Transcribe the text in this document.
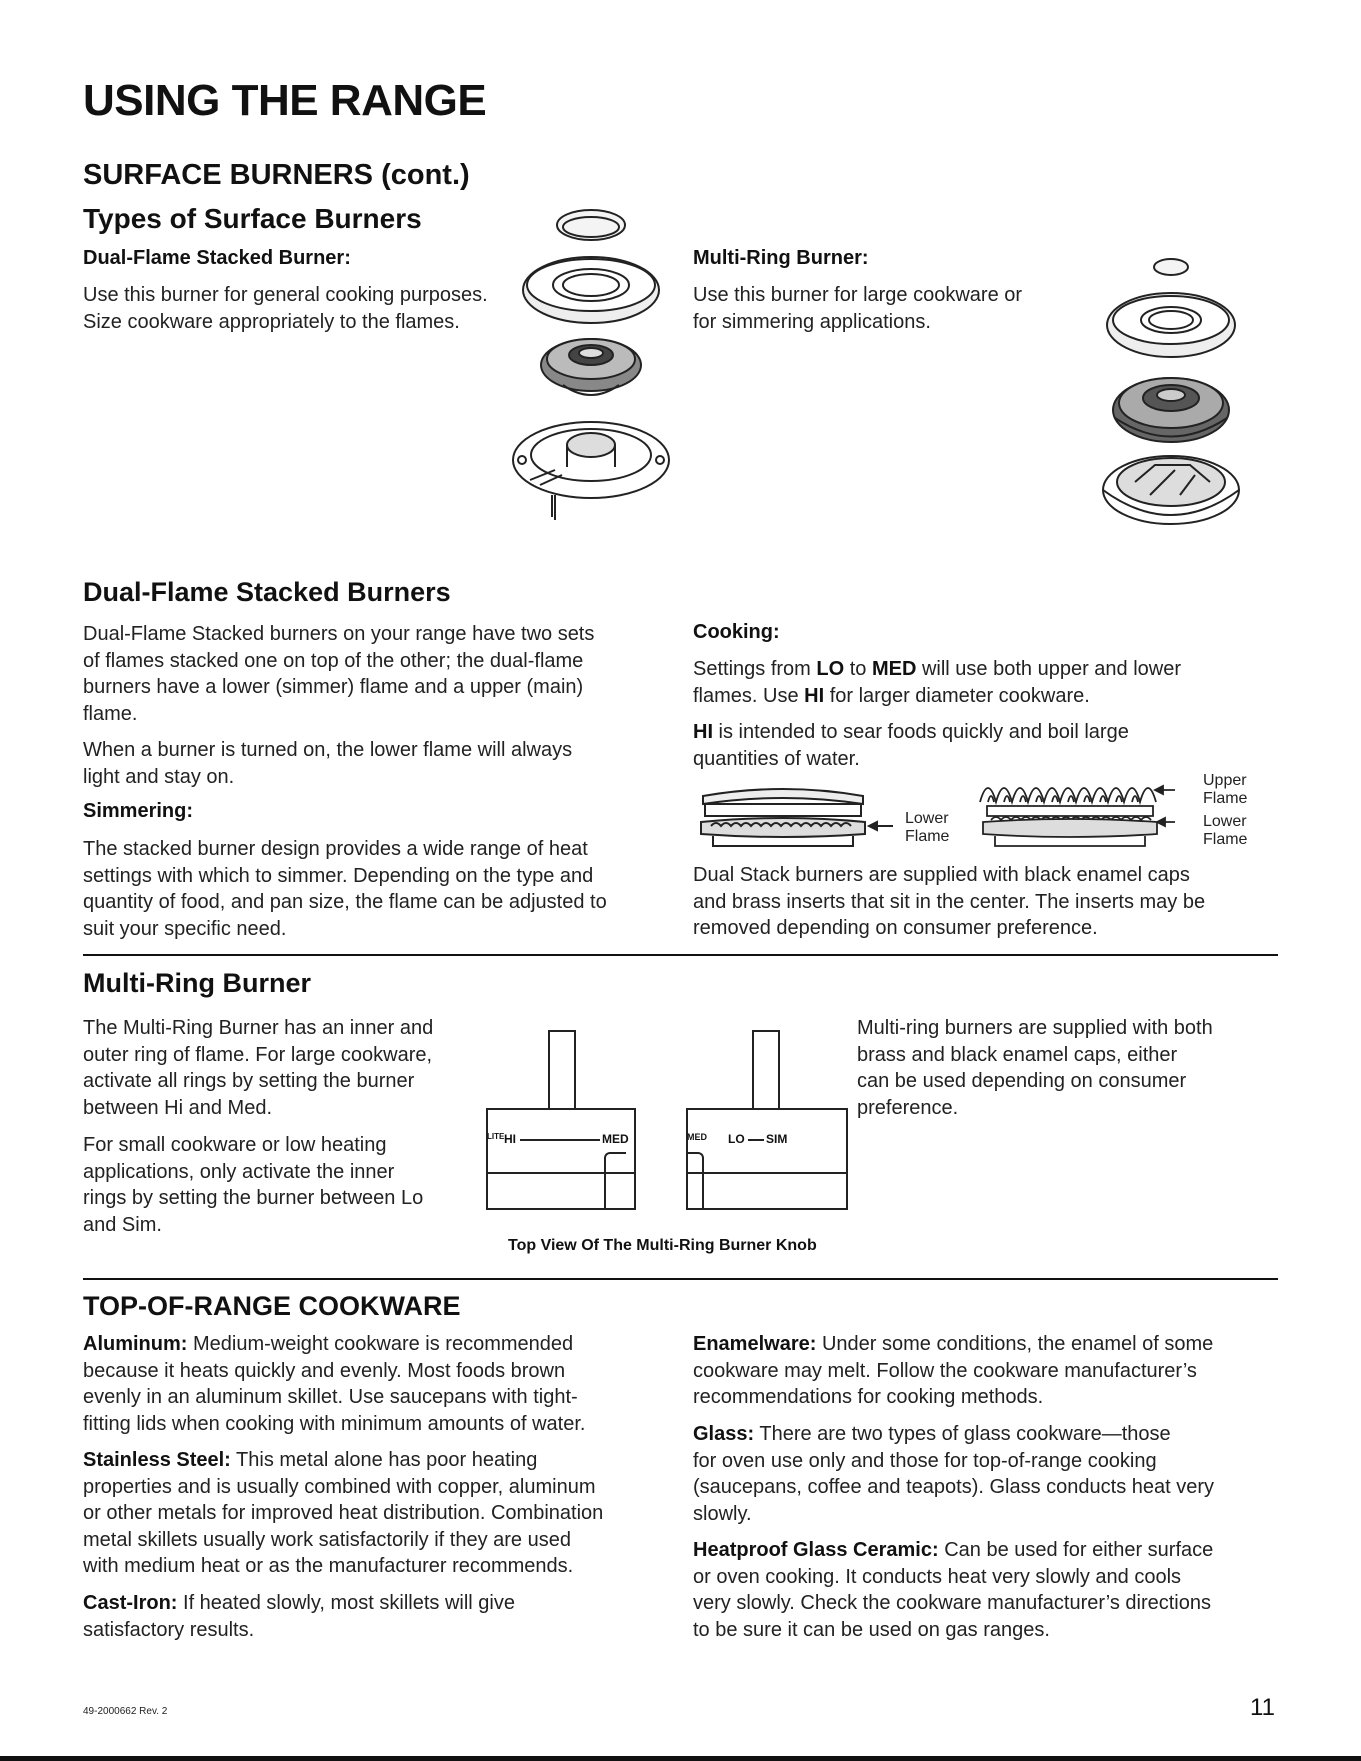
USING THE RANGE
SURFACE BURNERS (cont.)
Types of Surface Burners
Dual-Flame Stacked Burner:
Use this burner for general cooking purposes.
Size cookware appropriately to the flames.
Multi-Ring Burner:
Use this burner for large cookware or
for simmering applications.
Dual-Flame Stacked Burners
Dual-Flame Stacked burners on your range have two sets
of flames stacked one on top of the other; the dual-flame
burners have a lower (simmer) flame and a upper (main)
flame.
When a burner is turned on, the lower flame will always
light and stay on.
Simmering:
The stacked burner design provides a wide range of heat
settings with which to simmer. Depending on the type and
quantity of food, and pan size, the flame can be adjusted to
suit your specific need.
Cooking:
Settings from LO to MED will use both upper and lower
flames. Use HI for larger diameter cookware.
HI is intended to sear foods quickly and boil large
quantities of water.
Lower
Flame
Upper
Flame
Lower
Flame
Dual Stack burners are supplied with black enamel caps
and brass inserts that sit in the center. The inserts may be
removed depending on consumer preference.
Multi-Ring Burner
The Multi-Ring Burner has an inner and
outer ring of flame. For large cookware,
activate all rings by setting the burner
between Hi and Med.
For small cookware or low heating
applications, only activate the inner
rings by setting the burner between Lo
and Sim.
LITE HI	MED	MED LO SIM
Top View Of The Multi-Ring Burner Knob
Multi-ring burners are supplied with both
brass and black enamel caps, either
can be used depending on consumer
preference.
TOP-OF-RANGE COOKWARE
Aluminum: Medium-weight cookware is recommended
because it heats quickly and evenly. Most foods brown
evenly in an aluminum skillet. Use saucepans with tight-
fitting lids when cooking with minimum amounts of water.
Stainless Steel: This metal alone has poor heating
properties and is usually combined with copper, aluminum
or other metals for improved heat distribution. Combination
metal skillets usually work satisfactorily if they are used
with medium heat or as the manufacturer recommends.
Cast-Iron: If heated slowly, most skillets will give
satisfactory results.
Enamelware: Under some conditions, the enamel of some
cookware may melt. Follow the cookware manufacturer’s
recommendations for cooking methods.
Glass: There are two types of glass cookware—those
for oven use only and those for top-of-range cooking
(saucepans, coffee and teapots). Glass conducts heat very
slowly.
Heatproof Glass Ceramic: Can be used for either surface
or oven cooking. It conducts heat very slowly and cools
very slowly. Check the cookware manufacturer’s directions
to be sure it can be used on gas ranges.
49-2000662 Rev. 2	11
